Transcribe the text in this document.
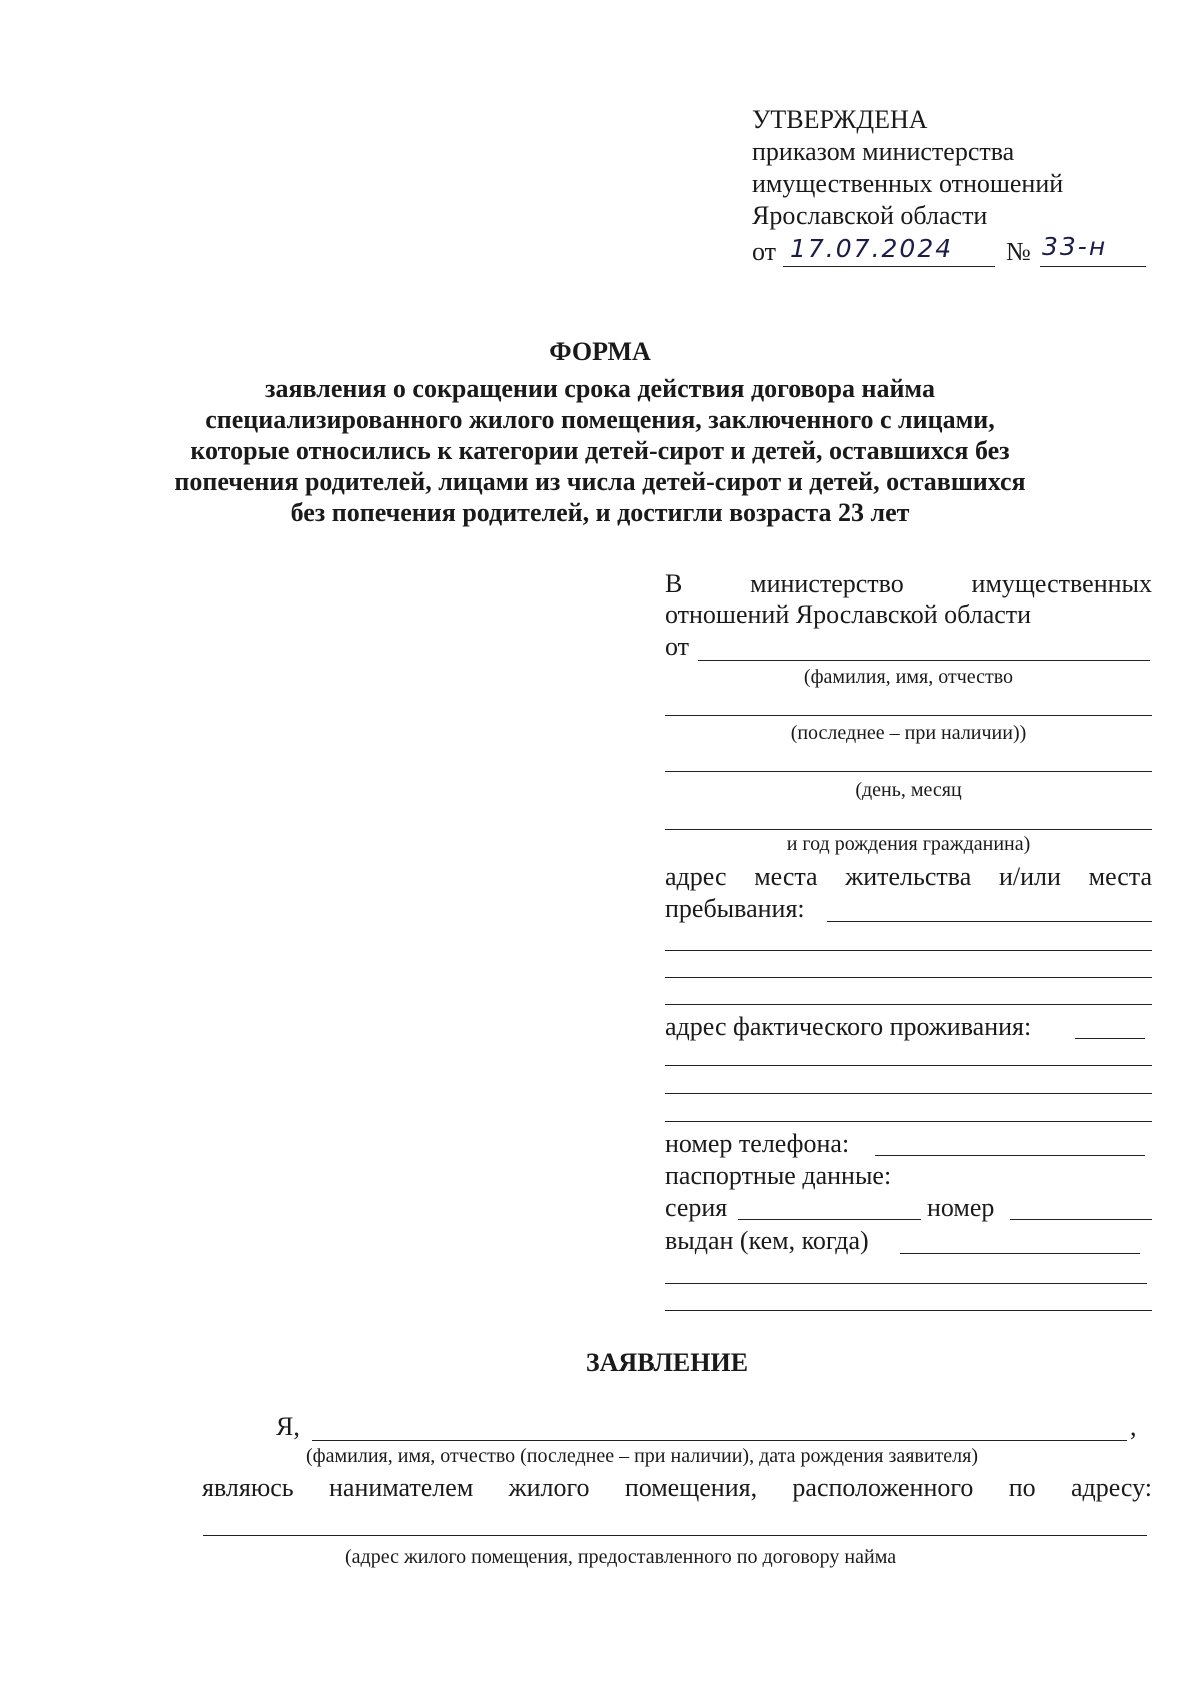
УТВЕРЖДЕНА
приказом министерства
имущественных отношений
Ярославской области
от 17.07.2024 № 33-н
ФОРМА
заявления о сокращении срока действия договора найма
специализированного жилого помещения, заключенного с лицами,
которые относились к категории детей-сирот и детей, оставшихся без
попечения родителей, лицами из числа детей-сирот и детей, оставшихся
без попечения родителей, и достигли возраста 23 лет
В	министерство	имущественных
отношений Ярославской области
от
(фамилия, имя, отчество
(последнее – при наличии))
(день, месяц
и год рождения гражданина)
адрес места жительства и/или места
пребывания:
адрес фактического проживания:
номер телефона:
паспортные данные:
серия	номер
выдан (кем, когда)
ЗАЯВЛЕНИЕ
Я,	,
(фамилия, имя, отчество (последнее – при наличии), дата рождения заявителя)
являюсь нанимателем жилого помещения, расположенного по адресу:
(адрес жилого помещения, предоставленного по договору найма
